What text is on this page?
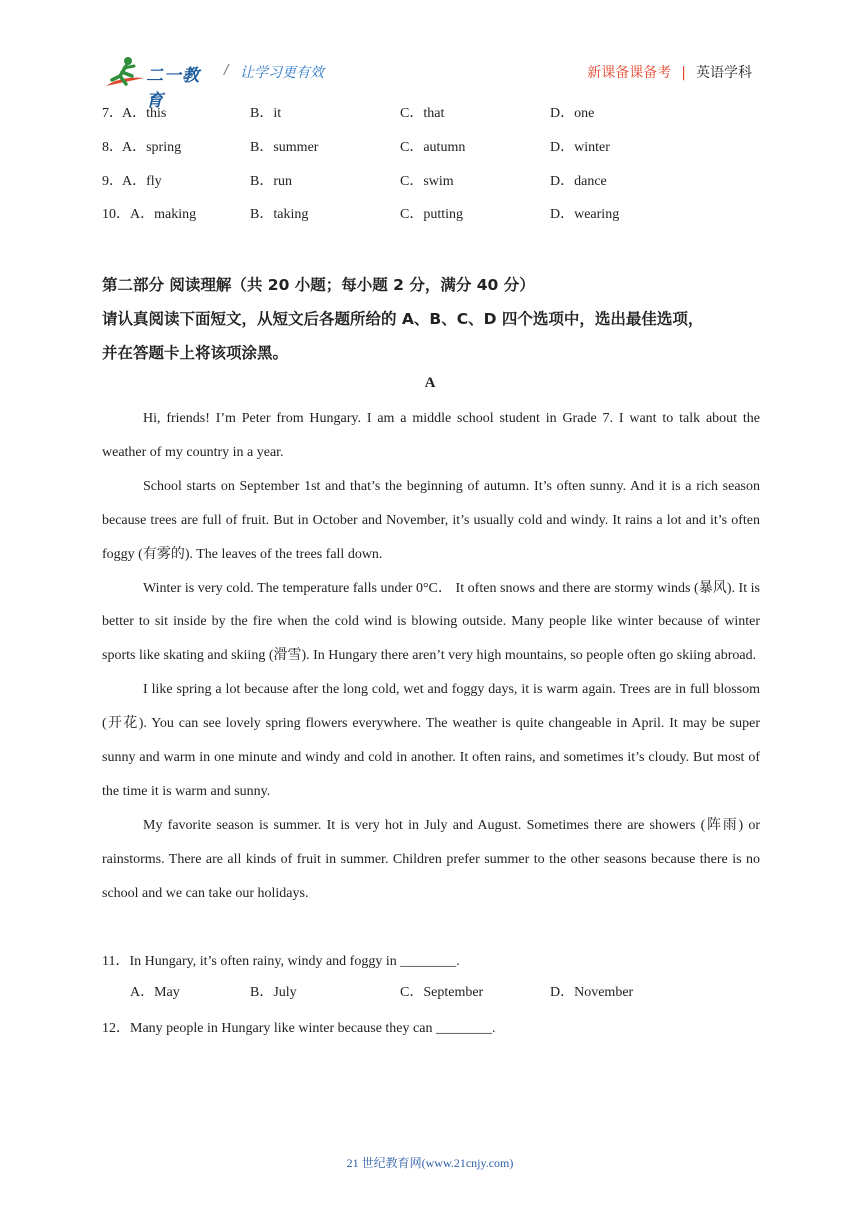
二一教育
/ 让学习更有效	新课备课备考 | 英语学科
7． A．this	B．it	C．that	D．one
8． A．spring	B．summer	C．autumn	D．winter
9． A．fly	B．run	C．swim	D．dance
10． A．making	B．taking	C．putting	D．wearing
第二部分 阅读理解（共 20 小题；每小题 2 分，满分 40 分）
请认真阅读下面短文，从短文后各题所给的 A、B、C、D 四个选项中，选出最佳选项，
并在答题卡上将该项涂黑。
A

Hi, friends! I’m Peter from Hungary. I am a middle school student in Grade 7. I want to talk about the weather of my country in a year.

School starts on September 1st and that’s the beginning of autumn. It’s often sunny. And it is a rich season because trees are full of fruit. But in October and November, it’s usually cold and windy. It rains a lot and it’s often foggy (有雾的). The leaves of the trees fall down.

Winter is very cold. The temperature falls under 0°C． It often snows and there are stormy winds (暴风). It is better to sit inside by the fire when the cold wind is blowing outside. Many people like winter because of winter sports like skating and skiing (滑雪). In Hungary there aren’t very high mountains, so people often go skiing abroad.

I like spring a lot because after the long cold, wet and foggy days, it is warm again. Trees are in full blossom (开花). You can see lovely spring flowers everywhere. The weather is quite changeable in April. It may be super sunny and warm in one minute and windy and cold in another. It often rains, and sometimes it’s cloudy. But most of the time it is warm and sunny.

My favorite season is summer. It is very hot in July and August. Sometimes there are showers (阵雨) or rainstorms. There are all kinds of fruit in summer. Children prefer summer to the other seasons because there is no school and we can take our holidays.

11．In Hungary, it’s often rainy, windy and foggy in ________.
A．May	B．July	C．September	D．November
12．Many people in Hungary like winter because they can ________.
21 世纪教育网(www.21cnjy.com)
